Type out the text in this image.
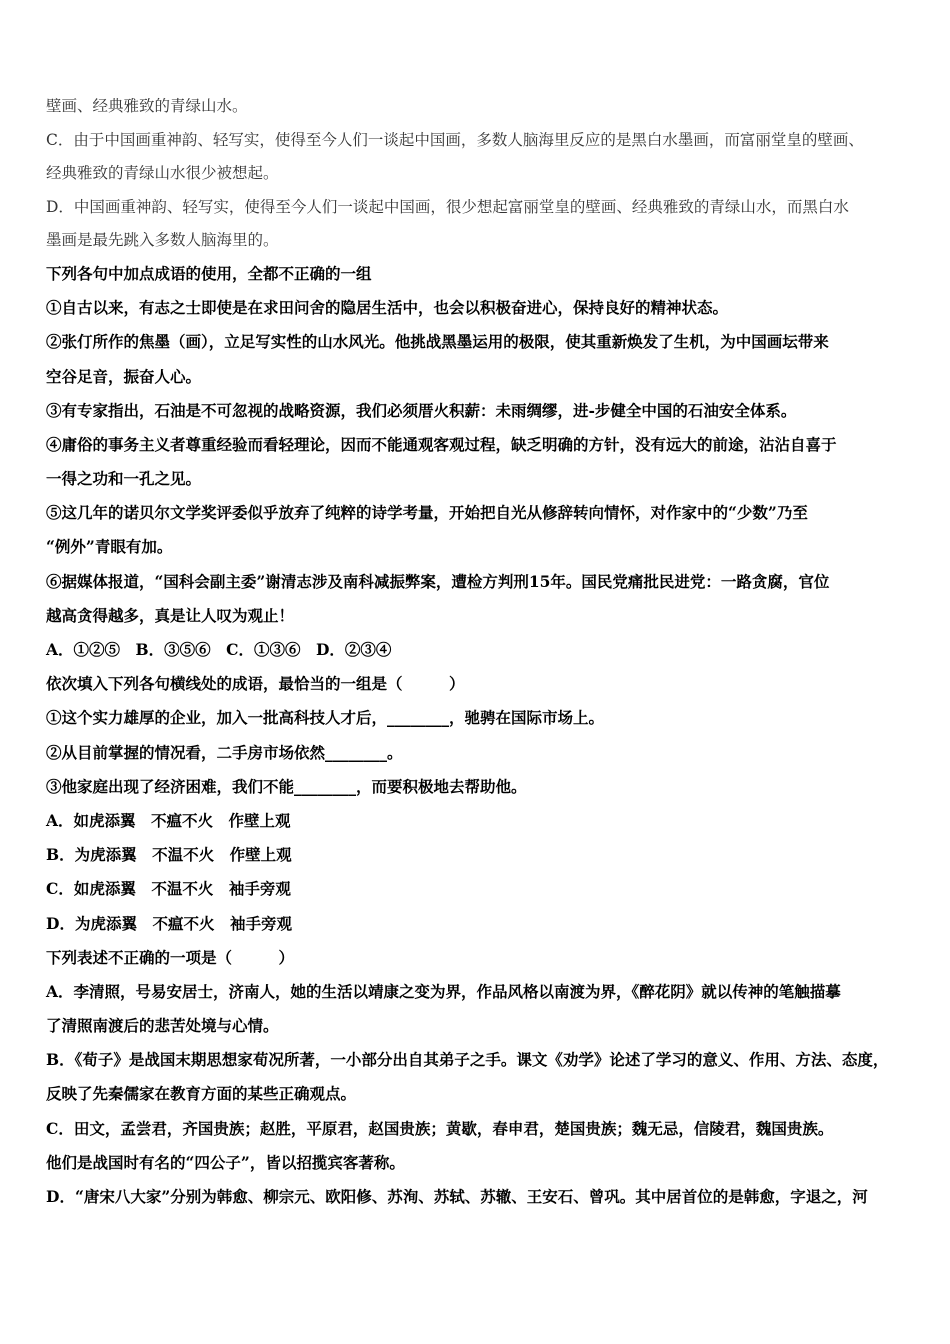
壁画、经典雅致的青绿山水。
C．由于中国画重神韵、轻写实，使得至今人们一谈起中国画，多数人脑海里反应的是黑白水墨画，而富丽堂皇的壁画、
经典雅致的青绿山水很少被想起。
D．中国画重神韵、轻写实，使得至今人们一谈起中国画，很少想起富丽堂皇的壁画、经典雅致的青绿山水，而黑白水
墨画是最先跳入多数人脑海里的。
下列各句中加点成语的使用，全都不正确的一组
①自古以来，有志之士即使是在求田问舍的隐居生活中，也会以积极奋进心，保持良好的精神状态。
②张仃所作的焦墨（画），立足写实性的山水风光。他挑战黑墨运用的极限，使其重新焕发了生机，为中国画坛带来
空谷足音，振奋人心。
③有专家指出，石油是不可忽视的战略资源，我们必须厝火积薪：未雨绸缪，进-步健全中国的石油安全体系。
④庸俗的事务主义者尊重经验而看轻理论，因而不能通观客观过程，缺乏明确的方针，没有远大的前途，沾沾自喜于
一得之功和一孔之见。
⑤这几年的诺贝尔文学奖评委似乎放弃了纯粹的诗学考量，开始把自光从修辞转向情怀，对作家中的“少数”乃至
“例外”青眼有加。
⑥据媒体报道，“国科会副主委”谢清志涉及南科减振弊案，遭检方判刑15年。国民党痛批民进党：一路贪腐，官位
越高贪得越多，真是让人叹为观止！
A．①②⑤　B．③⑤⑥　C．①③⑥　D．②③④
依次填入下列各句横线处的成语，最恰当的一组是（　　　）
①这个实力雄厚的企业，加入一批高科技人才后，________，驰骋在国际市场上。
②从目前掌握的情况看，二手房市场依然________。
③他家庭出现了经济困难，我们不能________，而要积极地去帮助他。
A．如虎添翼　不瘟不火　作壁上观
B．为虎添翼　不温不火　作壁上观
C．如虎添翼　不温不火　袖手旁观
D．为虎添翼　不瘟不火　袖手旁观
下列表述不正确的一项是（　　　）
A．李清照，号易安居士，济南人，她的生活以靖康之变为界，作品风格以南渡为界，《醉花阴》就以传神的笔触描摹
了清照南渡后的悲苦处境与心情。
B．《荀子》是战国末期思想家荀况所著，一小部分出自其弟子之手。课文《劝学》论述了学习的意义、作用、方法、态度，
反映了先秦儒家在教育方面的某些正确观点。
C．田文，孟尝君，齐国贵族；赵胜，平原君，赵国贵族；黄歇，春申君，楚国贵族；魏无忌，信陵君，魏国贵族。
他们是战国时有名的“四公子”，皆以招揽宾客著称。
D．“唐宋八大家”分别为韩愈、柳宗元、欧阳修、苏洵、苏轼、苏辙、王安石、曾巩。其中居首位的是韩愈，字退之，河
